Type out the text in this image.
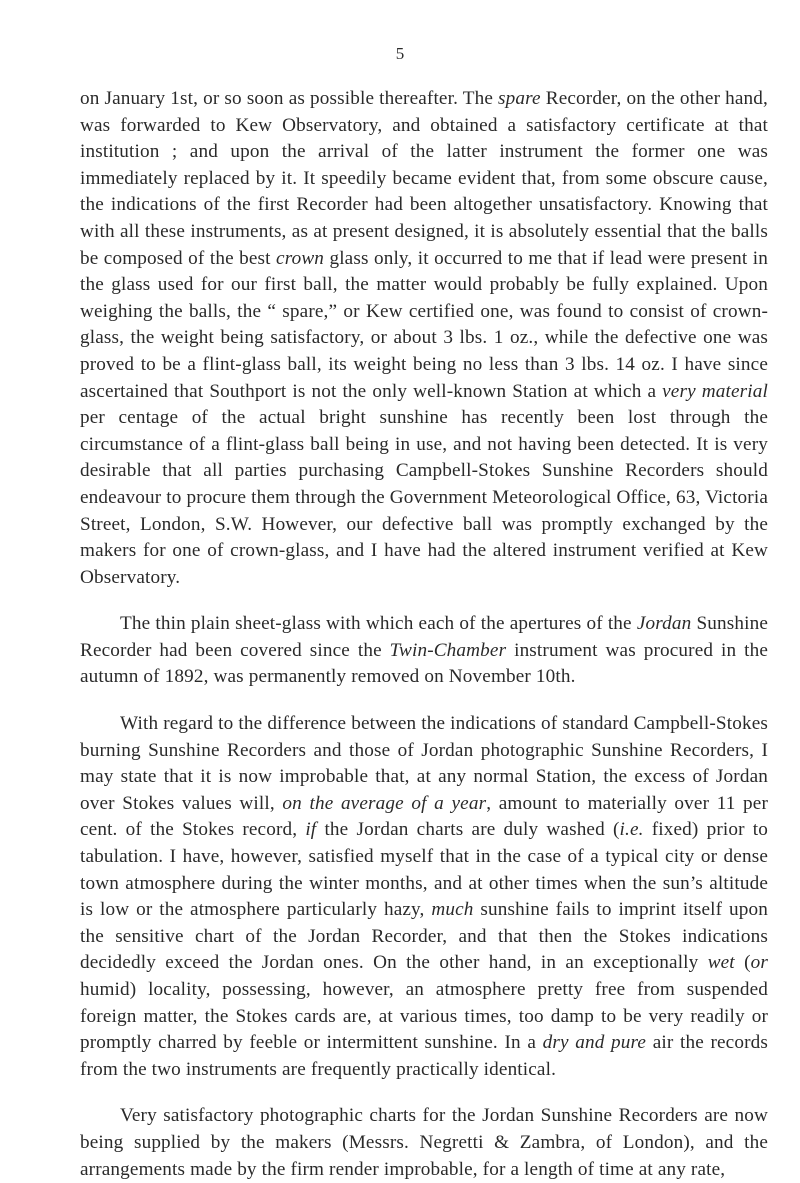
5

on January 1st, or so soon as possible thereafter. The spare Recorder, on the other hand, was forwarded to Kew Observatory, and obtained a satisfactory certificate at that institution ; and upon the arrival of the latter instrument the former one was immediately replaced by it. It speedily became evident that, from some obscure cause, the indications of the first Recorder had been altogether unsatisfactory. Knowing that with all these instruments, as at present designed, it is absolutely essential that the balls be composed of the best crown glass only, it occurred to me that if lead were present in the glass used for our first ball, the matter would probably be fully explained. Upon weighing the balls, the “ spare,” or Kew certified one, was found to consist of crown-glass, the weight being satisfactory, or about 3 lbs. 1 oz., while the defective one was proved to be a flint-glass ball, its weight being no less than 3 lbs. 14 oz. I have since ascertained that Southport is not the only well-known Station at which a very material per centage of the actual bright sunshine has recently been lost through the circumstance of a flint-glass ball being in use, and not having been detected. It is very desirable that all parties purchasing Campbell-Stokes Sunshine Recorders should endeavour to procure them through the Government Meteorological Office, 63, Victoria Street, London, S.W. However, our defective ball was promptly exchanged by the makers for one of crown-glass, and I have had the altered instrument verified at Kew Observatory.

The thin plain sheet-glass with which each of the apertures of the Jordan Sunshine Recorder had been covered since the Twin-Chamber instrument was procured in the autumn of 1892, was permanently removed on November 10th.

With regard to the difference between the indications of standard Campbell-Stokes burning Sunshine Recorders and those of Jordan photographic Sunshine Recorders, I may state that it is now improbable that, at any normal Station, the excess of Jordan over Stokes values will, on the average of a year, amount to materially over 11 per cent. of the Stokes record, if the Jordan charts are duly washed (i.e. fixed) prior to tabulation. I have, however, satisfied myself that in the case of a typical city or dense town atmosphere during the winter months, and at other times when the sun’s altitude is low or the atmosphere particularly hazy, much sunshine fails to imprint itself upon the sensitive chart of the Jordan Recorder, and that then the Stokes indications decidedly exceed the Jordan ones. On the other hand, in an exceptionally wet (or humid) locality, possessing, however, an atmosphere pretty free from suspended foreign matter, the Stokes cards are, at various times, too damp to be very readily or promptly charred by feeble or intermittent sunshine. In a dry and pure air the records from the two instruments are frequently practically identical.

Very satisfactory photographic charts for the Jordan Sunshine Recorders are now being supplied by the makers (Messrs. Negretti & Zambra, of London), and the arrangements made by the firm render improbable, for a length of time at any rate,
